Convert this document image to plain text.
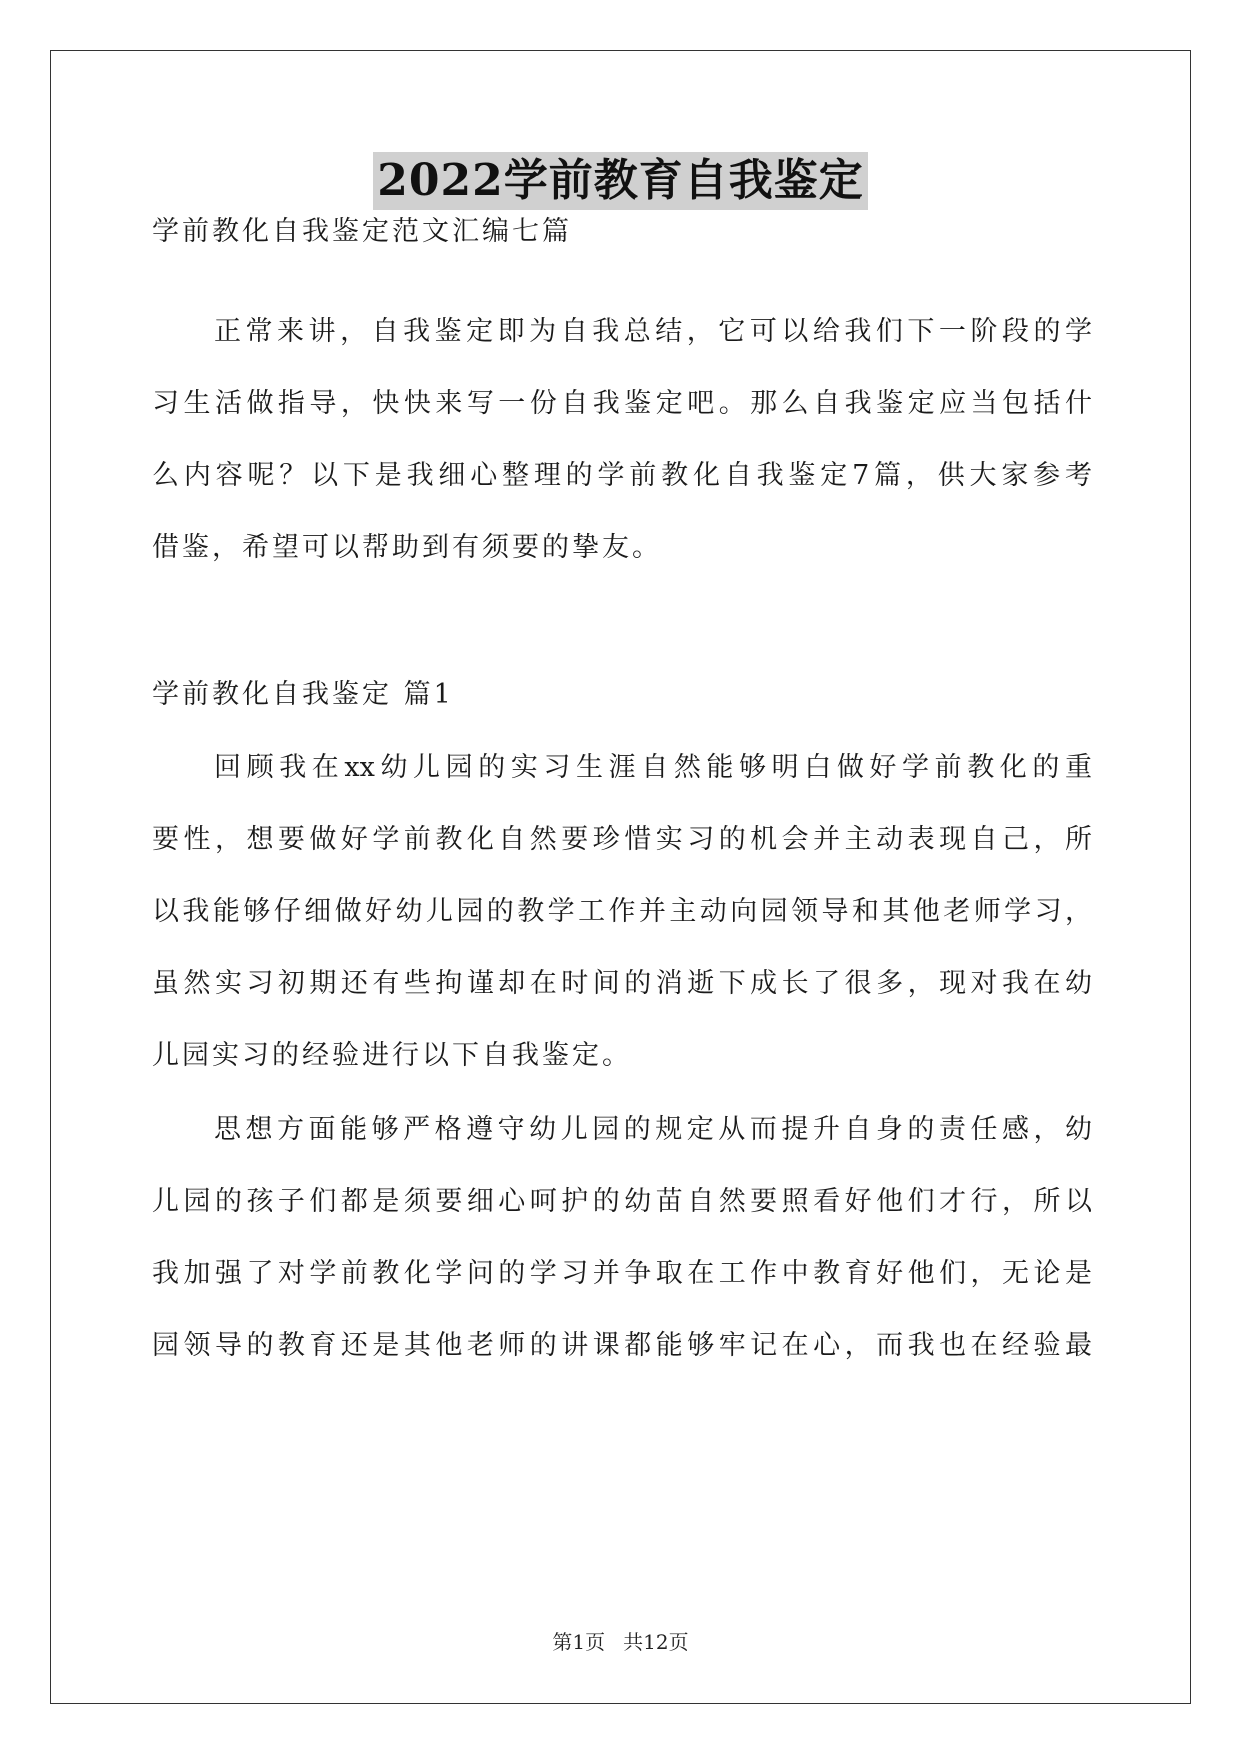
2022学前教育自我鉴定
学前教化自我鉴定范文汇编七篇
正常来讲，自我鉴定即为自我总结，它可以给我们下一阶段的学
习生活做指导，快快来写一份自我鉴定吧。那么自我鉴定应当包括什
么内容呢？以下是我细心整理的学前教化自我鉴定7篇，供大家参考
借鉴，希望可以帮助到有须要的挚友。
学前教化自我鉴定 篇1
回顾我在xx幼儿园的实习生涯自然能够明白做好学前教化的重
要性，想要做好学前教化自然要珍惜实习的机会并主动表现自己，所
以我能够仔细做好幼儿园的教学工作并主动向园领导和其他老师学习，
虽然实习初期还有些拘谨却在时间的消逝下成长了很多，现对我在幼
儿园实习的经验进行以下自我鉴定。
思想方面能够严格遵守幼儿园的规定从而提升自身的责任感，幼
儿园的孩子们都是须要细心呵护的幼苗自然要照看好他们才行，所以
我加强了对学前教化学问的学习并争取在工作中教育好他们，无论是
园领导的教育还是其他老师的讲课都能够牢记在心，而我也在经验最
第1页 共12页
